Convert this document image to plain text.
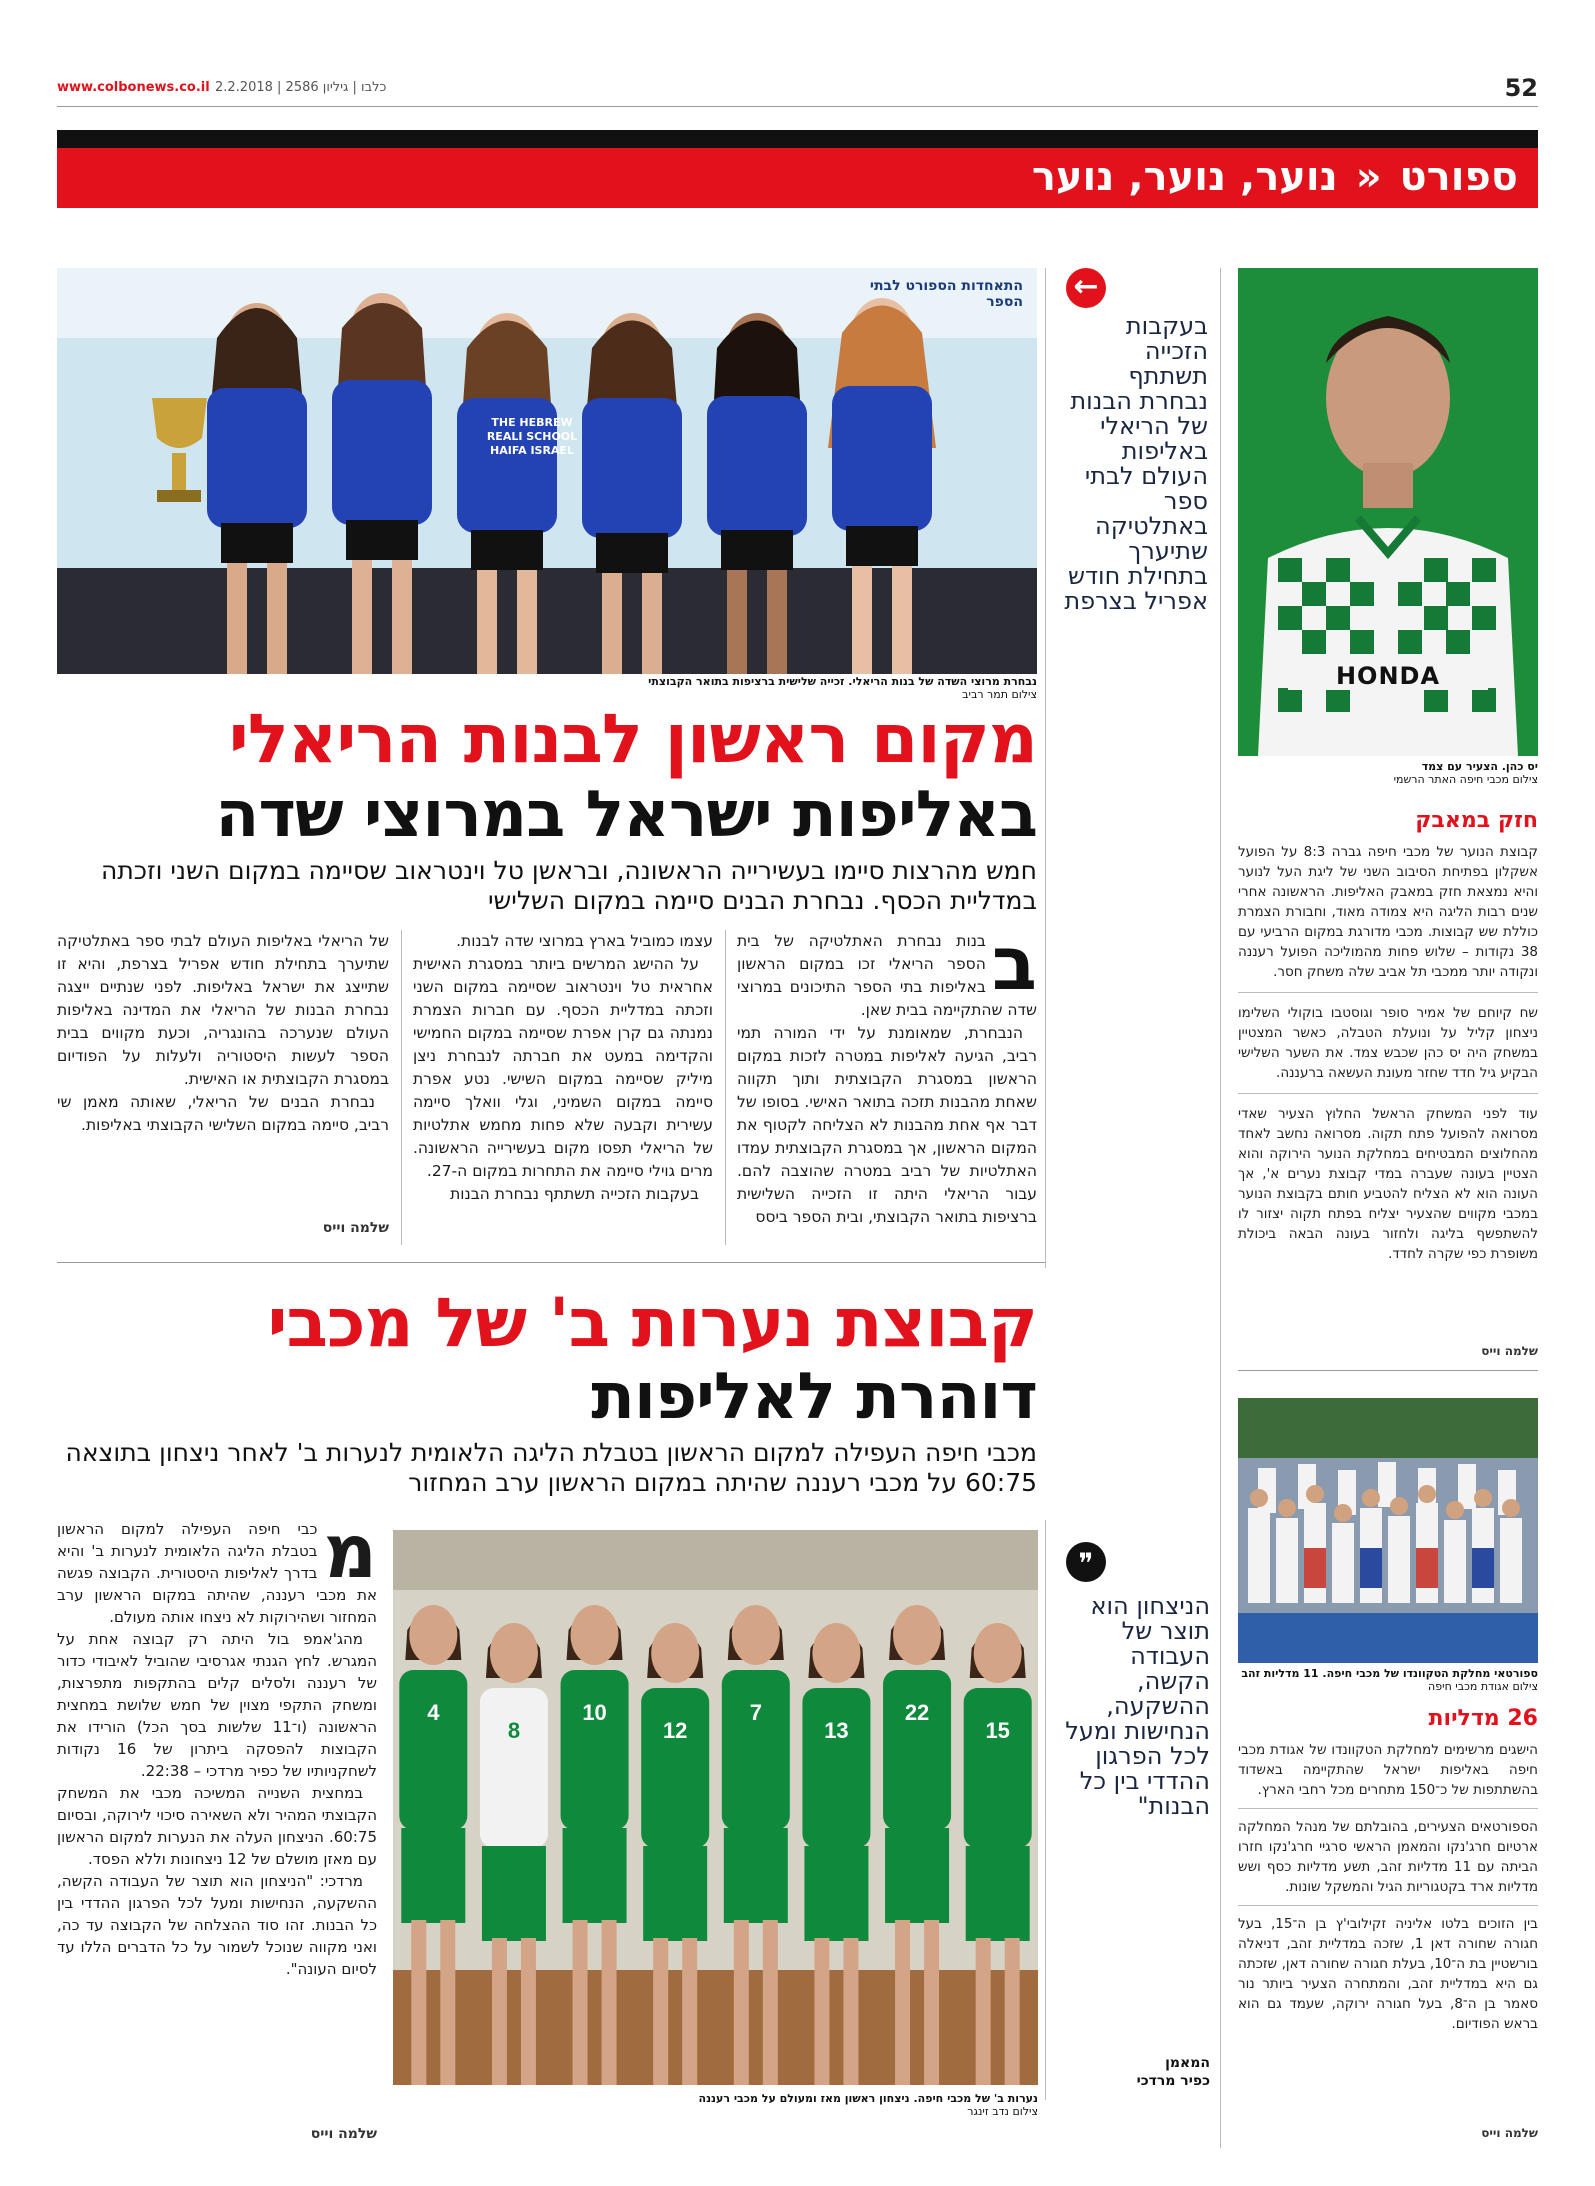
www.colbonews.co.il כלבו | גיליון 2586 | 2.2.2018	52
ספורט « נוער, נוער, נוער
HONDA
יס כהן. הצעיר עם צמד
צילום מכבי חיפה האתר הרשמי
חזק במאבק

קבוצת הנוער של מכבי חיפה גברה 8:3 על הפועל אשקלון בפתיחת הסיבוב השני של ליגת העל לנוער והיא נמצאת חזק במאבק האליפות. הראשונה אחרי שנים רבות הליגה היא צמודה מאוד, וחבורת הצמרת כוללת שש קבוצות. מכבי מדורגת במקום הרביעי עם 38 נקודות – שלוש פחות מהמוליכה הפועל רעננה ונקודה יותר ממכבי תל אביב שלה משחק חסר.

שח קיוחם של אמיר סופר וגוסטבו בוקולי השלימו ניצחון קליל על ונועלת הטבלה, כאשר המצטיין במשחק היה יס כהן שכבש צמד. את השער השלישי הבקיע גיל חדד שחזר מעונת העשאה ברעננה.

עוד לפני המשחק הראשל החלוץ הצעיר שאדי מסרואה להפועל פתח תקוה. מסרואה נחשב לאחד מהחלוצים המבטיחים במחלקת הנוער הירוקה והוא הצטיין בעונה שעברה במדי קבוצת נערים א', אך העונה הוא לא הצליח להטביע חותם בקבוצת הנוער במכבי מקווים שהצעיר יצליח בפתח תקוה יצזור לו להשתפשף בליגה ולחזור בעונה הבאה ביכולת משופרת כפי שקרה לחדד.

שלמה וייס
ספורטאי מחלקת הטקוונדו של מכבי חיפה. 11 מדליות זהב
צילום אגודת מכבי חיפה
26 מדליות

הישגים מרשימים למחלקת הטקוונדו של אגודת מכבי חיפה באליפות ישראל שהתקיימה באשדוד בהשתתפות של כ־150 מתחרים מכל רחבי הארץ.

הספורטאים הצעירים, בהובלתם של מנהל המחלקה ארטיום חרג'נקו והמאמן הראשי סרגיי חרג'נקו חזרו הביתה עם 11 מדליות זהב, תשע מדליות כסף ושש מדליות ארד בקטגוריות הגיל והמשקל שונות.

בין הזוכים בלטו אליניה זקילובי'ץ בן ה־15, בעל חגורה שחורה דאן 1, שזכה במדליית זהב, דניאלה בורשטיין בת ה־10, בעלת חגורה שחורה דאן, שזכתה גם היא במדליית זהב, והמתחרה הצעיר ביותר נור סאמר בן ה־8, בעל חגורה ירוקה, שעמד גם הוא בראש הפודיום.

שלמה וייס
←
בעקבות הזכייה תשתתף נבחרת הבנות של הריאלי באליפות העולם לבתי ספר באתלטיקה שתיערך בתחילת חודש אפריל בצרפת
התאחדות הספורט לבתי הספר
THE HEBREW REALI SCHOOL HAIFA ISRAEL
נבחרת מרוצי השדה של בנות הריאלי. זכייה שלישית ברציפות בתואר הקבוצתי
צילום תמר רביב
מקום ראשון לבנות הריאלי
באליפות ישראל במרוצי שדה
חמש מהרצות סיימו בעשירייה הראשונה, ובראשן טל וינטראוב שסיימה במקום השני וזכתה במדליית הכסף. נבחרת הבנים סיימה במקום השלישי
ב

בנות נבחרת האתלטיקה של בית הספר הריאלי זכו במקום הראשון באליפות בתי הספר התיכונים במרוצי שדה שהתקיימה בבית שאן.

הנבחרת, שמאומנת על ידי המורה תמי רביב, הגיעה לאליפות במטרה לזכות במקום הראשון במסגרת הקבוצתית ותוך תקווה שאחת מהבנות תזכה בתואר האישי. בסופו של דבר אף אחת מהבנות לא הצליחה לקטוף את המקום הראשון, אך במסגרת הקבוצתית עמדו האתלטיות של רביב במטרה שהוצבה להם. עבור הריאלי היתה זו הזכייה השלישית ברציפות בתואר הקבוצתי, ובית הספר ביסס

עצמו כמוביל בארץ במרוצי שדה לבנות.

על ההישג המרשים ביותר במסגרת האישית אחראית טל וינטראוב שסיימה במקום השני וזכתה במדליית הכסף. עם חברות הצמרת נמנתה גם קרן אפרת שסיימה במקום החמישי והקדימה במעט את חברתה לנבחרת ניצן מיליק שסיימה במקום השישי. נטע אפרת סיימה במקום השמיני, וגלי וואלך סיימה עשירית וקבעה שלא פחות מחמש אתלטיות של הריאלי תפסו מקום בעשירייה הראשונה. מרים גוילי סיימה את התחרות במקום ה-27.

בעקבות הזכייה תשתתף נבחרת הבנות

של הריאלי באליפות העולם לבתי ספר באתלטיקה שתיערך בתחילת חודש אפריל בצרפת, והיא זו שתייצג את ישראל באליפות. לפני שנתיים ייצגה נבחרת הבנות של הריאלי את המדינה באליפות העולם שנערכה בהונגריה, וכעת מקווים בבית הספר לעשות היסטוריה ולעלות על הפודיום במסגרת הקבוצתית או האישית.

נבחרת הבנים של הריאלי, שאותה מאמן שי רביב, סיימה במקום השלישי הקבוצתי באליפות.

שלמה וייס
קבוצת נערות ב' של מכבי
דוהרת לאליפות
מכבי חיפה העפילה למקום הראשון בטבלת הליגה הלאומית לנערות ב' לאחר ניצחון בתוצאה 60:75 על מכבי רעננה שהיתה במקום הראשון ערב המחזור
מ

כבי חיפה העפילה למקום הראשון בטבלת הליגה הלאומית לנערות ב' והיא בדרך לאליפות היסטורית. הקבוצה פגשה את מכבי רעננה, שהיתה במקום הראשון ערב המחזור ושהירוקות לא ניצחו אותה מעולם.

מהג'אמפ בול היתה רק קבוצה אחת על המגרש. לחץ הגנתי אגרסיבי שהוביל לאיבודי כדור של רעננה ולסלים קלים בהתקפות מתפרצות, ומשחק התקפי מצוין של חמש שלושת במחצית הראשונה (ו־11 שלשות בסך הכל) הורידו את הקבוצות להפסקה ביתרון של 16 נקודות לשחקניותיו של כפיר מרדכי – 22:38.

במחצית השנייה המשיכה מכבי את המשחק הקבוצתי המהיר ולא השאירה סיכוי לירוקה, ובסיום 60:75. הניצחון העלה את הנערות למקום הראשון עם מאזן מושלם של 12 ניצחונות וללא הפסד.

מרדכי: "הניצחון הוא תוצר של העבודה הקשה, ההשקעה, הנחישות ומעל לכל הפרגון ההדדי בין כל הבנות. זהו סוד ההצלחה של הקבוצה עד כה, ואני מקווה שנוכל לשמור על כל הדברים הללו עד לסיום העונה".

שלמה וייס
4
8
10
12
7
13
22
15
נערות ב' של מכבי חיפה. ניצחון ראשון מאז ומעולם על מכבי רעננה
צילום נדב זינגר
❞
הניצחון הוא תוצר של העבודה הקשה, ההשקעה, הנחישות ומעל לכל הפרגון ההדדי בין כל הבנות"
המאמן
כפיר מרדכי
